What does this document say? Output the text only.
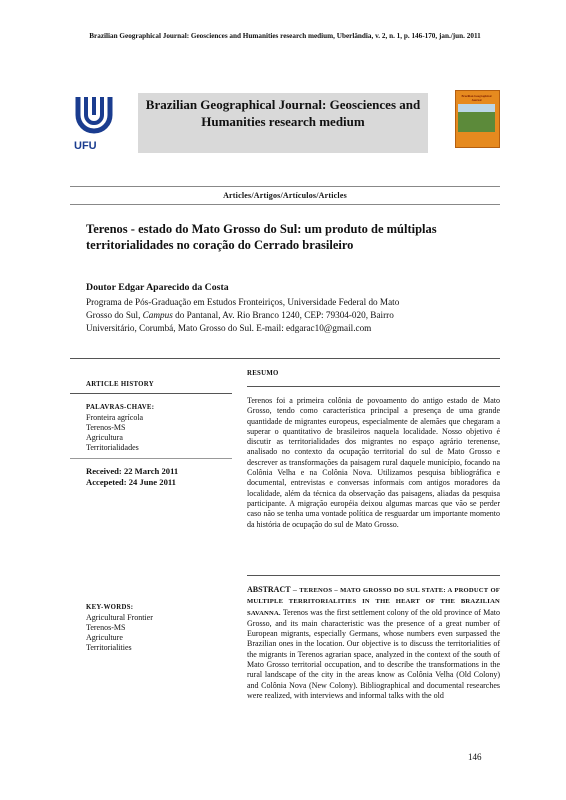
Brazilian Geographical Journal: Geosciences and Humanities research medium, Uberlândia, v. 2, n. 1, p. 146-170, jan./jun. 2011
UFU
Brazilian Geographical Journal: Geosciences and Humanities research medium
Brazilian Geographical Journal
Articles/Artigos/Artículos/Articles
Terenos - estado do Mato Grosso do Sul: um produto de múltiplas territorialidades no coração do Cerrado brasileiro
Doutor Edgar Aparecido da Costa
Programa de Pós-Graduação em Estudos Fronteiriços, Universidade Federal do Mato
Grosso do Sul, Campus do Pantanal, Av. Rio Branco 1240, CEP: 79304-020, Bairro
Universitário, Corumbá, Mato Grosso do Sul. E-mail: edgarac10@gmail.com
ARTICLE HISTORY
PALAVRAS-CHAVE:
Fronteira agrícola
Terenos-MS
Agricultura
Territorialidades
Received: 22 March 2011
Accepeted: 24 June 2011
RESUMO
Terenos foi a primeira colônia de povoamento do antigo estado de Mato Grosso, tendo como característica principal a presença de uma grande quantidade de migrantes europeus, especialmente de alemães que chegaram a superar o quantitativo de brasileiros naquela localidade. Nosso objetivo é discutir as territorialidades dos migrantes no espaço agrário terenense, analisado no contexto da ocupação territorial do sul de Mato Grosso e descrever as transformações da paisagem rural daquele município, focando na Colônia Velha e na Colônia Nova. Utilizamos pesquisa bibliográfica e documental, entrevistas e conversas informais com antigos moradores da localidade, além da técnica da observação das paisagens, aliadas da pesquisa participante. A migração européia deixou algumas marcas que vão se perder caso não se tenha uma vontade política de resguardar um importante momento da história de ocupação do sul de Mato Grosso.
KEY-WORDS:
Agricultural Frontier
Terenos-MS
Agriculture
Territorialities
ABSTRACT – TERENOS – MATO GROSSO DO SUL STATE: A PRODUCT OF MULTIPLE TERRITORIALITIES IN THE HEART OF THE BRAZILIAN SAVANNA. Terenos was the first settlement colony of the old province of Mato Grosso, and its main characteristic was the presence of a great number of European migrants, especially Germans, whose numbers even surpassed the Brazilian ones in the location. Our objective is to discuss the territorialities of the migrants in Terenos agrarian space, analyzed in the context of the south of Mato Grosso territorial occupation, and to describe the transformations in the rural landscape of the city in the areas know as Colônia Velha (Old Colony) and Colônia Nova (New Colony). Bibliographical and documental researches were realized, with interviews and informal talks with the old
146
